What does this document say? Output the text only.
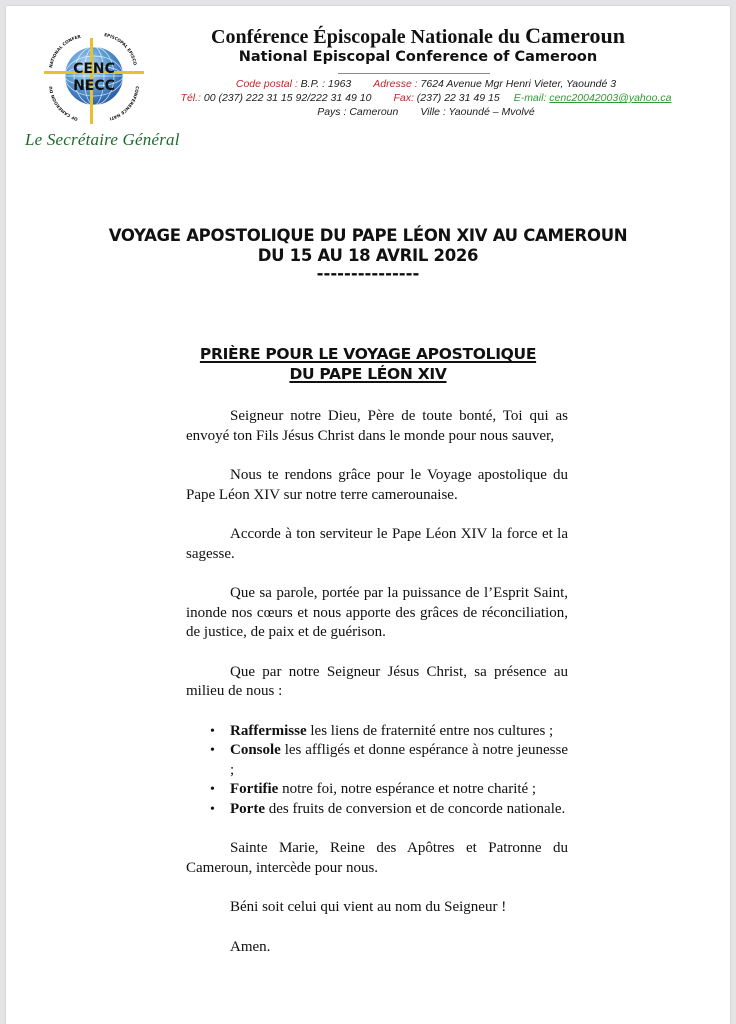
CENC
NECC
NATIONAL CONFER	EPISCOPAL EPISCO
OF CAMEROON DU	CONFERENCE NATI
Le Secrétaire Général
Conférence Épiscopale Nationale du Cameroun
National Episcopal Conference of Cameroon
Code postal : B.P. : 1963 Adresse : 7624 Avenue Mgr Henri Vieter, Yaoundé 3
Tél.: 00 (237) 222 31 15 92/222 31 49 10 Fax: (237) 22 31 49 15 E-mail: cenc20042003@yahoo.ca
Pays : Cameroun Ville : Yaoundé – Mvolvé
VOYAGE APOSTOLIQUE DU PAPE LÉON XIV AU CAMEROUN
DU 15 AU 18 AVRIL 2026
---------------
PRIÈRE POUR LE VOYAGE APOSTOLIQUE
DU PAPE LÉON XIV

Seigneur notre Dieu, Père de toute bonté, Toi qui as envoyé ton Fils Jésus Christ dans le monde pour nous sauver,

Nous te rendons grâce pour le Voyage apostolique du Pape Léon XIV sur notre terre camerounaise.

Accorde à ton serviteur le Pape Léon XIV la force et la sagesse.

Que sa parole, portée par la puissance de l’Esprit Saint, inonde nos cœurs et nous apporte des grâces de réconciliation, de justice, de paix et de guérison.

Que par notre Seigneur Jésus Christ, sa présence au milieu de nous :

• Raffermisse les liens de fraternité entre nos cultures ;
• Console les affligés et donne espérance à notre jeunesse ;
• Fortifie notre foi, notre espérance et notre charité ;
• Porte des fruits de conversion et de concorde nationale.

Sainte Marie, Reine des Apôtres et Patronne du Cameroun, intercède pour nous.

Béni soit celui qui vient au nom du Seigneur !

Amen.
